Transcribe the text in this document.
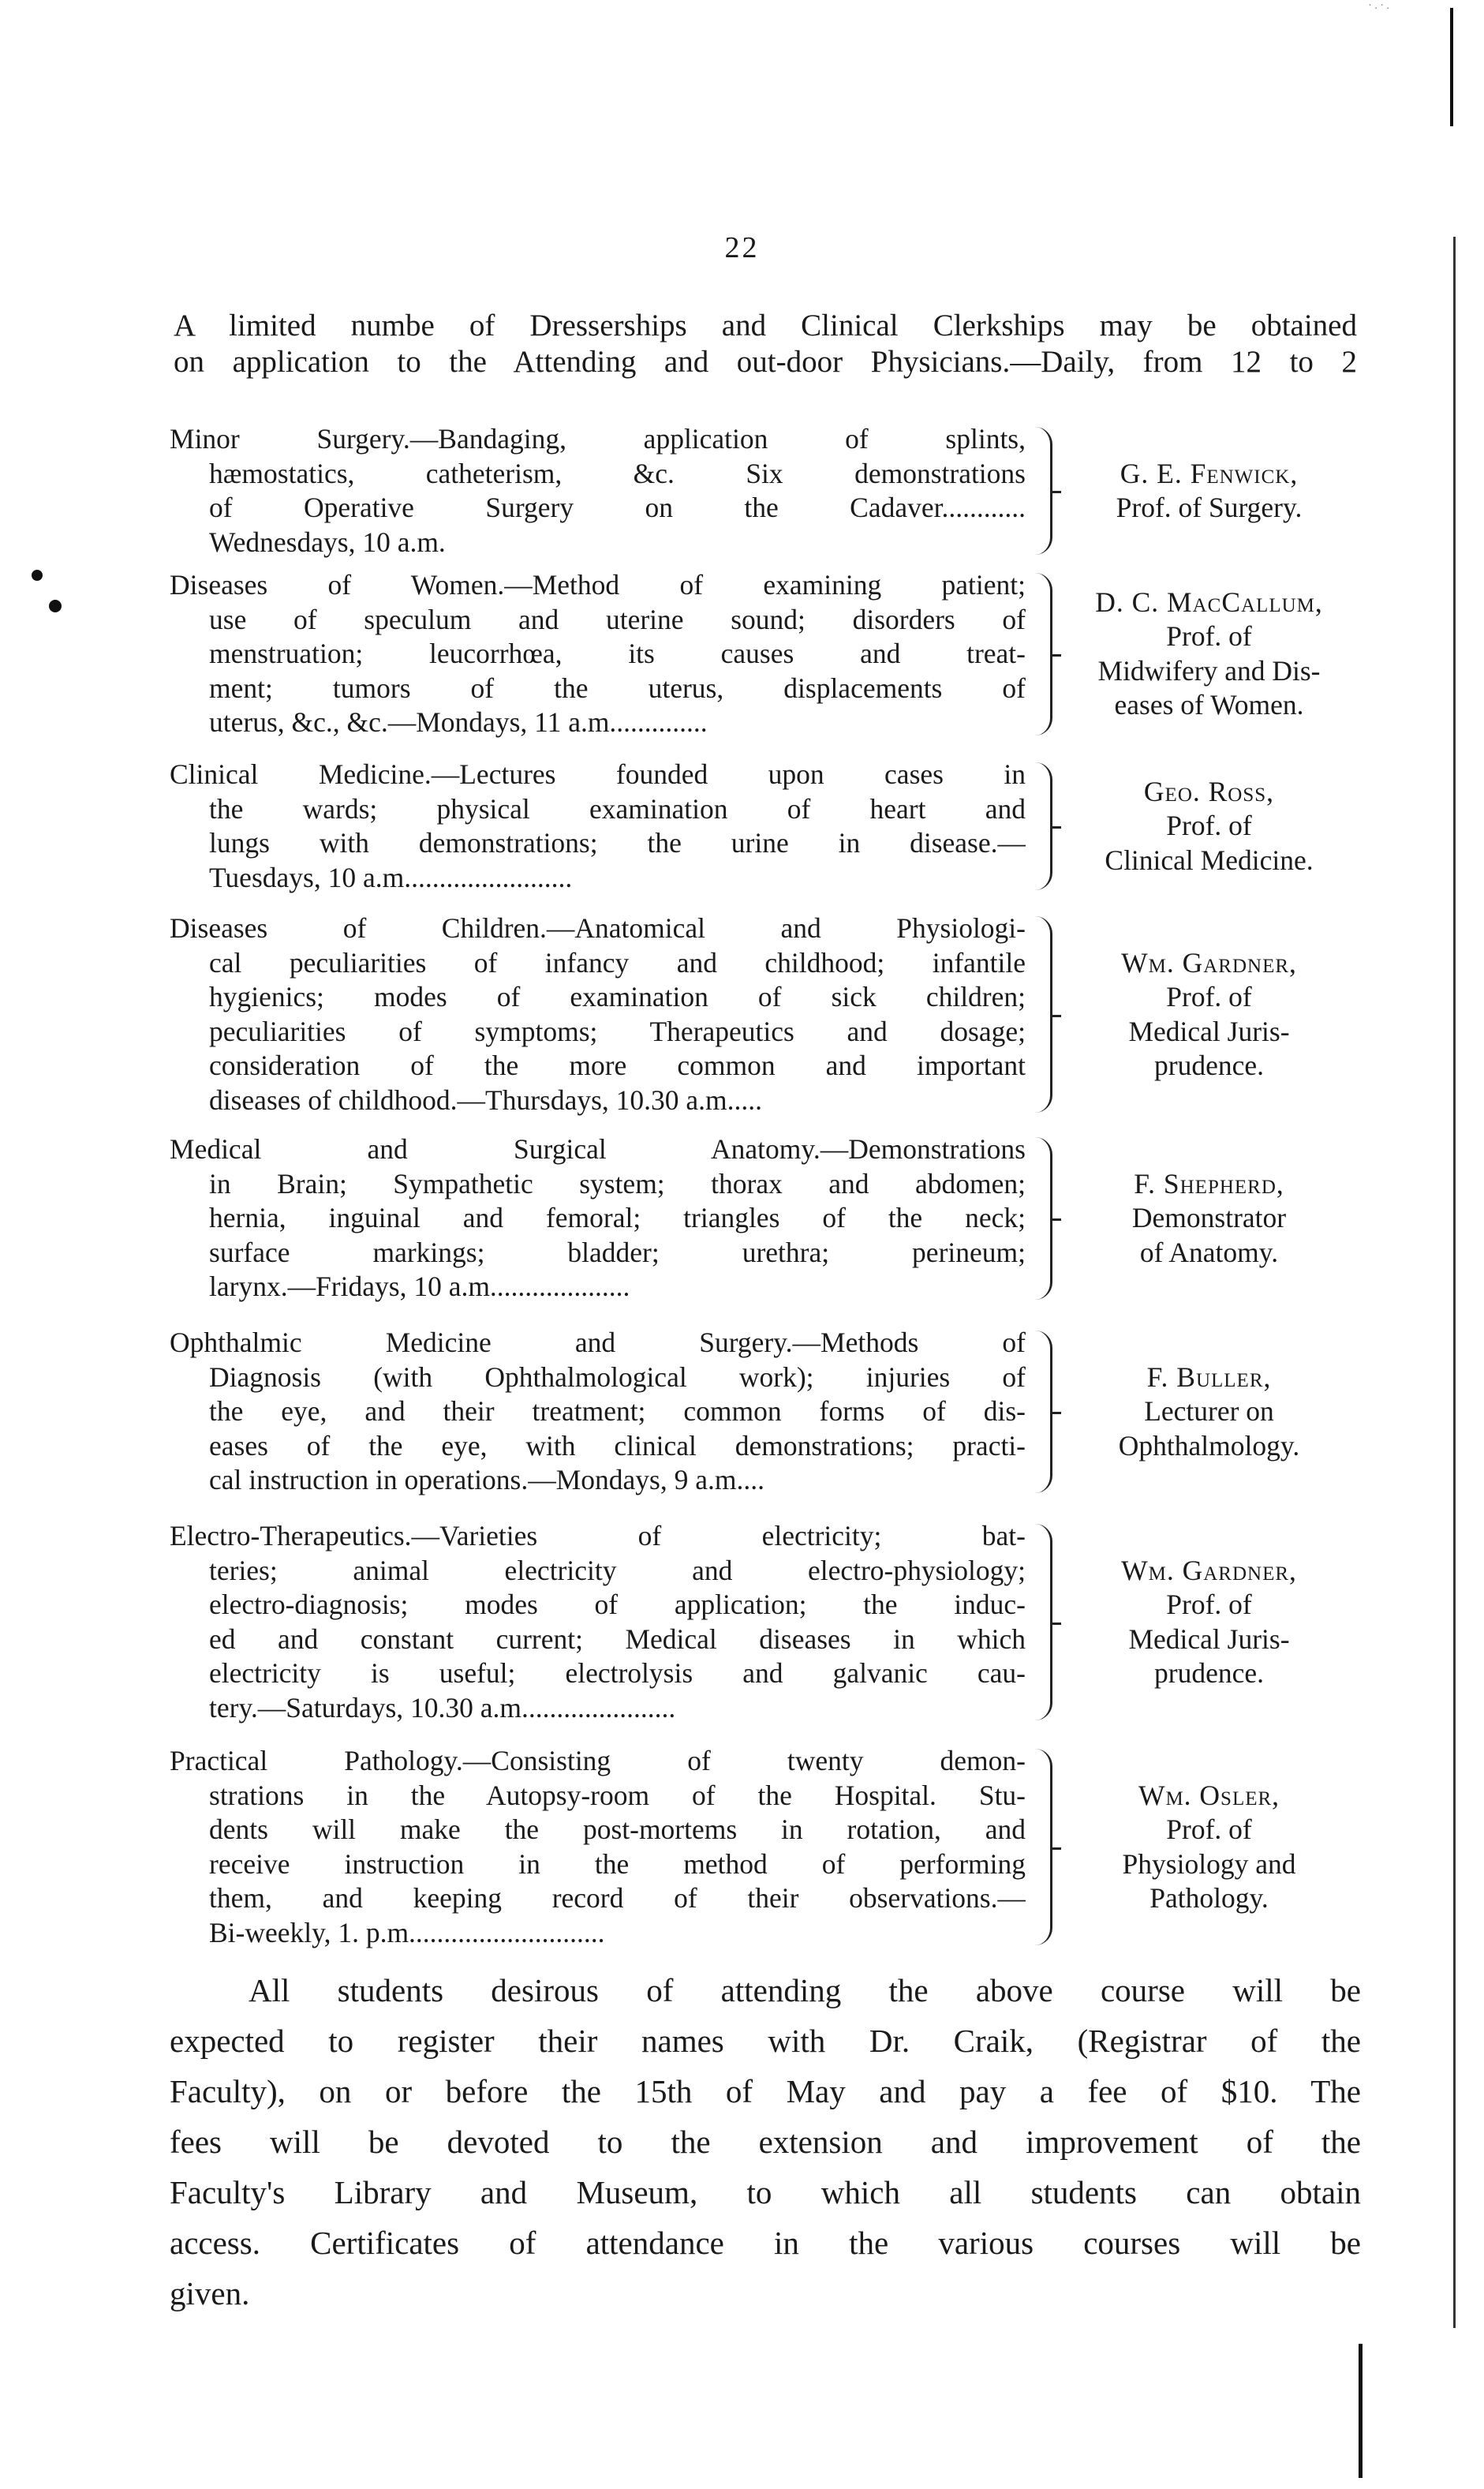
· . · .
22
A limited numbe of Dresserships and Clinical Clerkships may be obtained
on application to the Attending and out-door Physicians.—Daily, from 12 to 2
Minor Surgery.—Bandaging, application of splints,
hæmostatics, catheterism, &c. Six demonstrations
of Operative Surgery on the Cadaver............
Wednesdays, 10 a.m.
G. E. Fenwick,
Prof. of Surgery.
Diseases of Women.—Method of examining patient;
use of speculum and uterine sound; disorders of
menstruation; leucorrhœa, its causes and treat-
ment; tumors of the uterus, displacements of
uterus, &c., &c.—Mondays, 11 a.m..............
D. C. MacCallum,
Prof. of
Midwifery and Dis-
eases of Women.
Clinical Medicine.—Lectures founded upon cases in
the wards; physical examination of heart and
lungs with demonstrations; the urine in disease.—
Tuesdays, 10 a.m........................
Geo. Ross,
Prof. of
Clinical Medicine.
Diseases of Children.—Anatomical and Physiologi-
cal peculiarities of infancy and childhood; infantile
hygienics; modes of examination of sick children;
peculiarities of symptoms; Therapeutics and dosage;
consideration of the more common and important
diseases of childhood.—Thursdays, 10.30 a.m.....
Wm. Gardner,
Prof. of
Medical Juris-
prudence.
Medical and Surgical Anatomy.—Demonstrations
in Brain; Sympathetic system; thorax and abdomen;
hernia, inguinal and femoral; triangles of the neck;
surface markings; bladder; urethra; perineum;
larynx.—Fridays, 10 a.m....................
F. Shepherd,
Demonstrator
of Anatomy.
Ophthalmic Medicine and Surgery.—Methods of
Diagnosis (with Ophthalmological work); injuries of
the eye, and their treatment; common forms of dis-
eases of the eye, with clinical demonstrations; practi-
cal instruction in operations.—Mondays, 9 a.m....
F. Buller,
Lecturer on
Ophthalmology.
Electro-Therapeutics.—Varieties of electricity; bat-
teries; animal electricity and electro-physiology;
electro-diagnosis; modes of application; the induc-
ed and constant current; Medical diseases in which
electricity is useful; electrolysis and galvanic cau-
tery.—Saturdays, 10.30 a.m......................
Wm. Gardner,
Prof. of
Medical Juris-
prudence.
Practical Pathology.—Consisting of twenty demon-
strations in the Autopsy-room of the Hospital. Stu-
dents will make the post-mortems in rotation, and
receive instruction in the method of performing
them, and keeping record of their observations.—
Bi-weekly, 1. p.m............................
Wm. Osler,
Prof. of
Physiology and
Pathology.
All students desirous of attending the above course will be
expected to register their names with Dr. Craik, (Registrar of the
Faculty), on or before the 15th of May and pay a fee of $10. The
fees will be devoted to the extension and improvement of the
Faculty's Library and Museum, to which all students can obtain
access. Certificates of attendance in the various courses will be
given.
